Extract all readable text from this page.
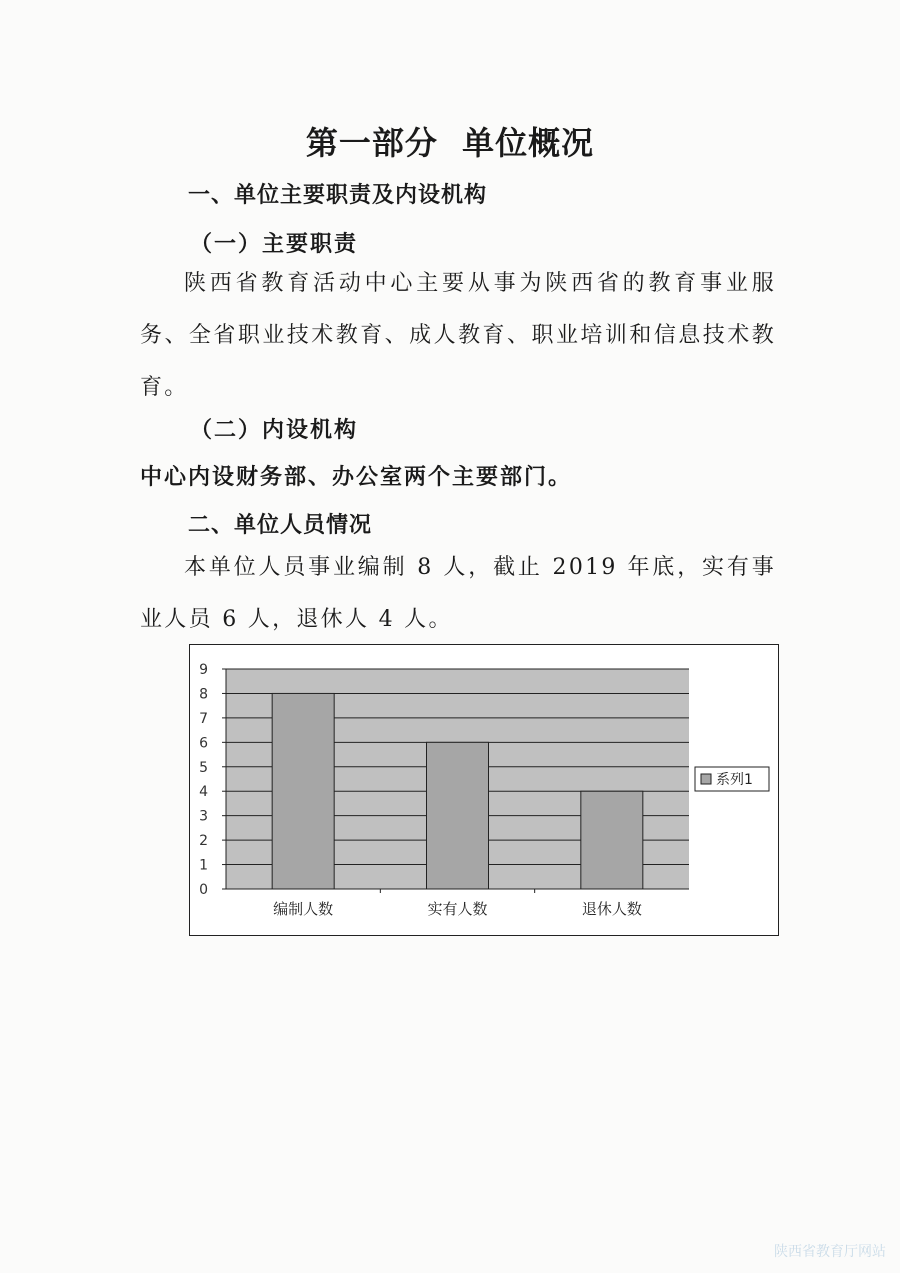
第一部分  单位概况
一、单位主要职责及内设机构
（一）主要职责
陕西省教育活动中心主要从事为陕西省的教育事业服务、全省职业技术教育、成人教育、职业培训和信息技术教育。
（二）内设机构
中心内设财务部、办公室两个主要部门。
二、单位人员情况
本单位人员事业编制 8 人，截止 2019 年底，实有事业人员 6 人，退休人 4 人。
0
1
2
3
4
5
6
7
8
9
编制人数	实有人数	退休人数
系列1
陕西省教育厅网站
